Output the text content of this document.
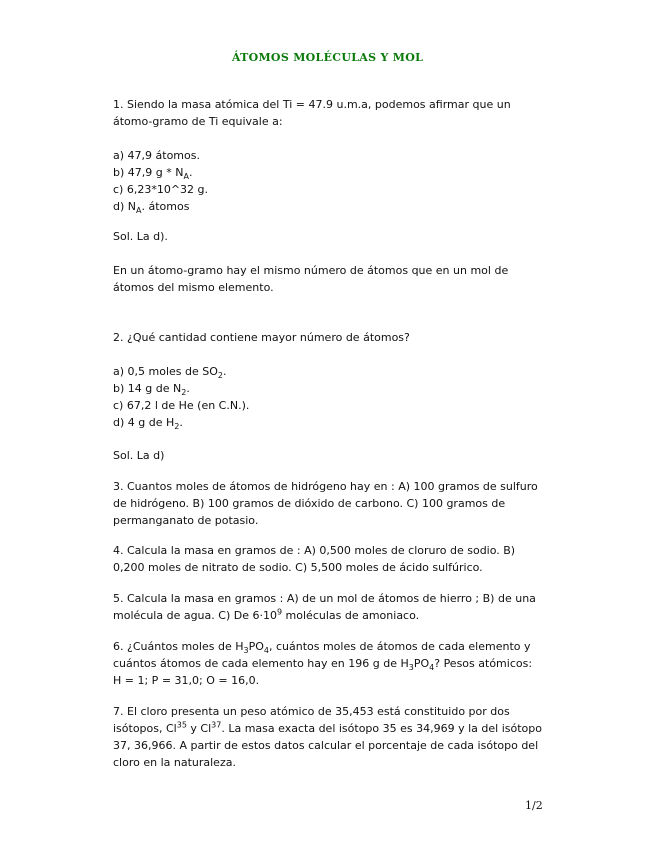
ÁTOMOS MOLÉCULAS Y MOL

1. Siendo la masa atómica del Ti = 47.9 u.m.a, podemos afirmar que un átomo-gramo de Ti equivale a:

a) 47,9 átomos.

b) 47,9 g * $N_A$.

c) 6,23*10^32 g.

d) $N_A$. átomos

Sol. La d).
En un átomo-gramo hay el mismo número de átomos que en un mol de átomos del mismo elemento.
2. ¿Qué cantidad contiene mayor número de átomos?

a) 0,5 moles de $SO_2$.

b) 14 g de $N_2$.

c) 67,2 l de He (en C.N.).

d) 4 g de $H_2$.

Sol. La d)
3. Cuantos moles de átomos de hidrógeno hay en : A) 100 gramos de sulfuro de hidrógeno. B) 100 gramos de dióxido de carbono. C) 100 gramos de permanganato de potasio.
4. Calcula la masa en gramos de : A) 0,500 moles de cloruro de sodio. B) 0,200 moles de nitrato de sodio. C) 5,500 moles de ácido sulfúrico.
5. Calcula la masa en gramos : A) de un mol de átomos de hierro ; B) de una molécula de agua. C) De $6\cdot 10^9$ moléculas de amoniaco.
6. ¿Cuántos moles de $H_3PO_4$, cuántos moles de átomos de cada elemento y cuántos átomos de cada elemento hay en 196 g de $H_3PO_4$? Pesos atómicos: H = 1; P = 31,0; O = 16,0.
7. El cloro presenta un peso atómico de 35,453 está constituido por dos isótopos, Cl$^{35}$ y Cl$^{37}$. La masa exacta del isótopo 35 es 34,969 y la del isótopo 37, 36,966. A partir de estos datos calcular el porcentaje de cada isótopo del cloro en la naturaleza.
1/2
